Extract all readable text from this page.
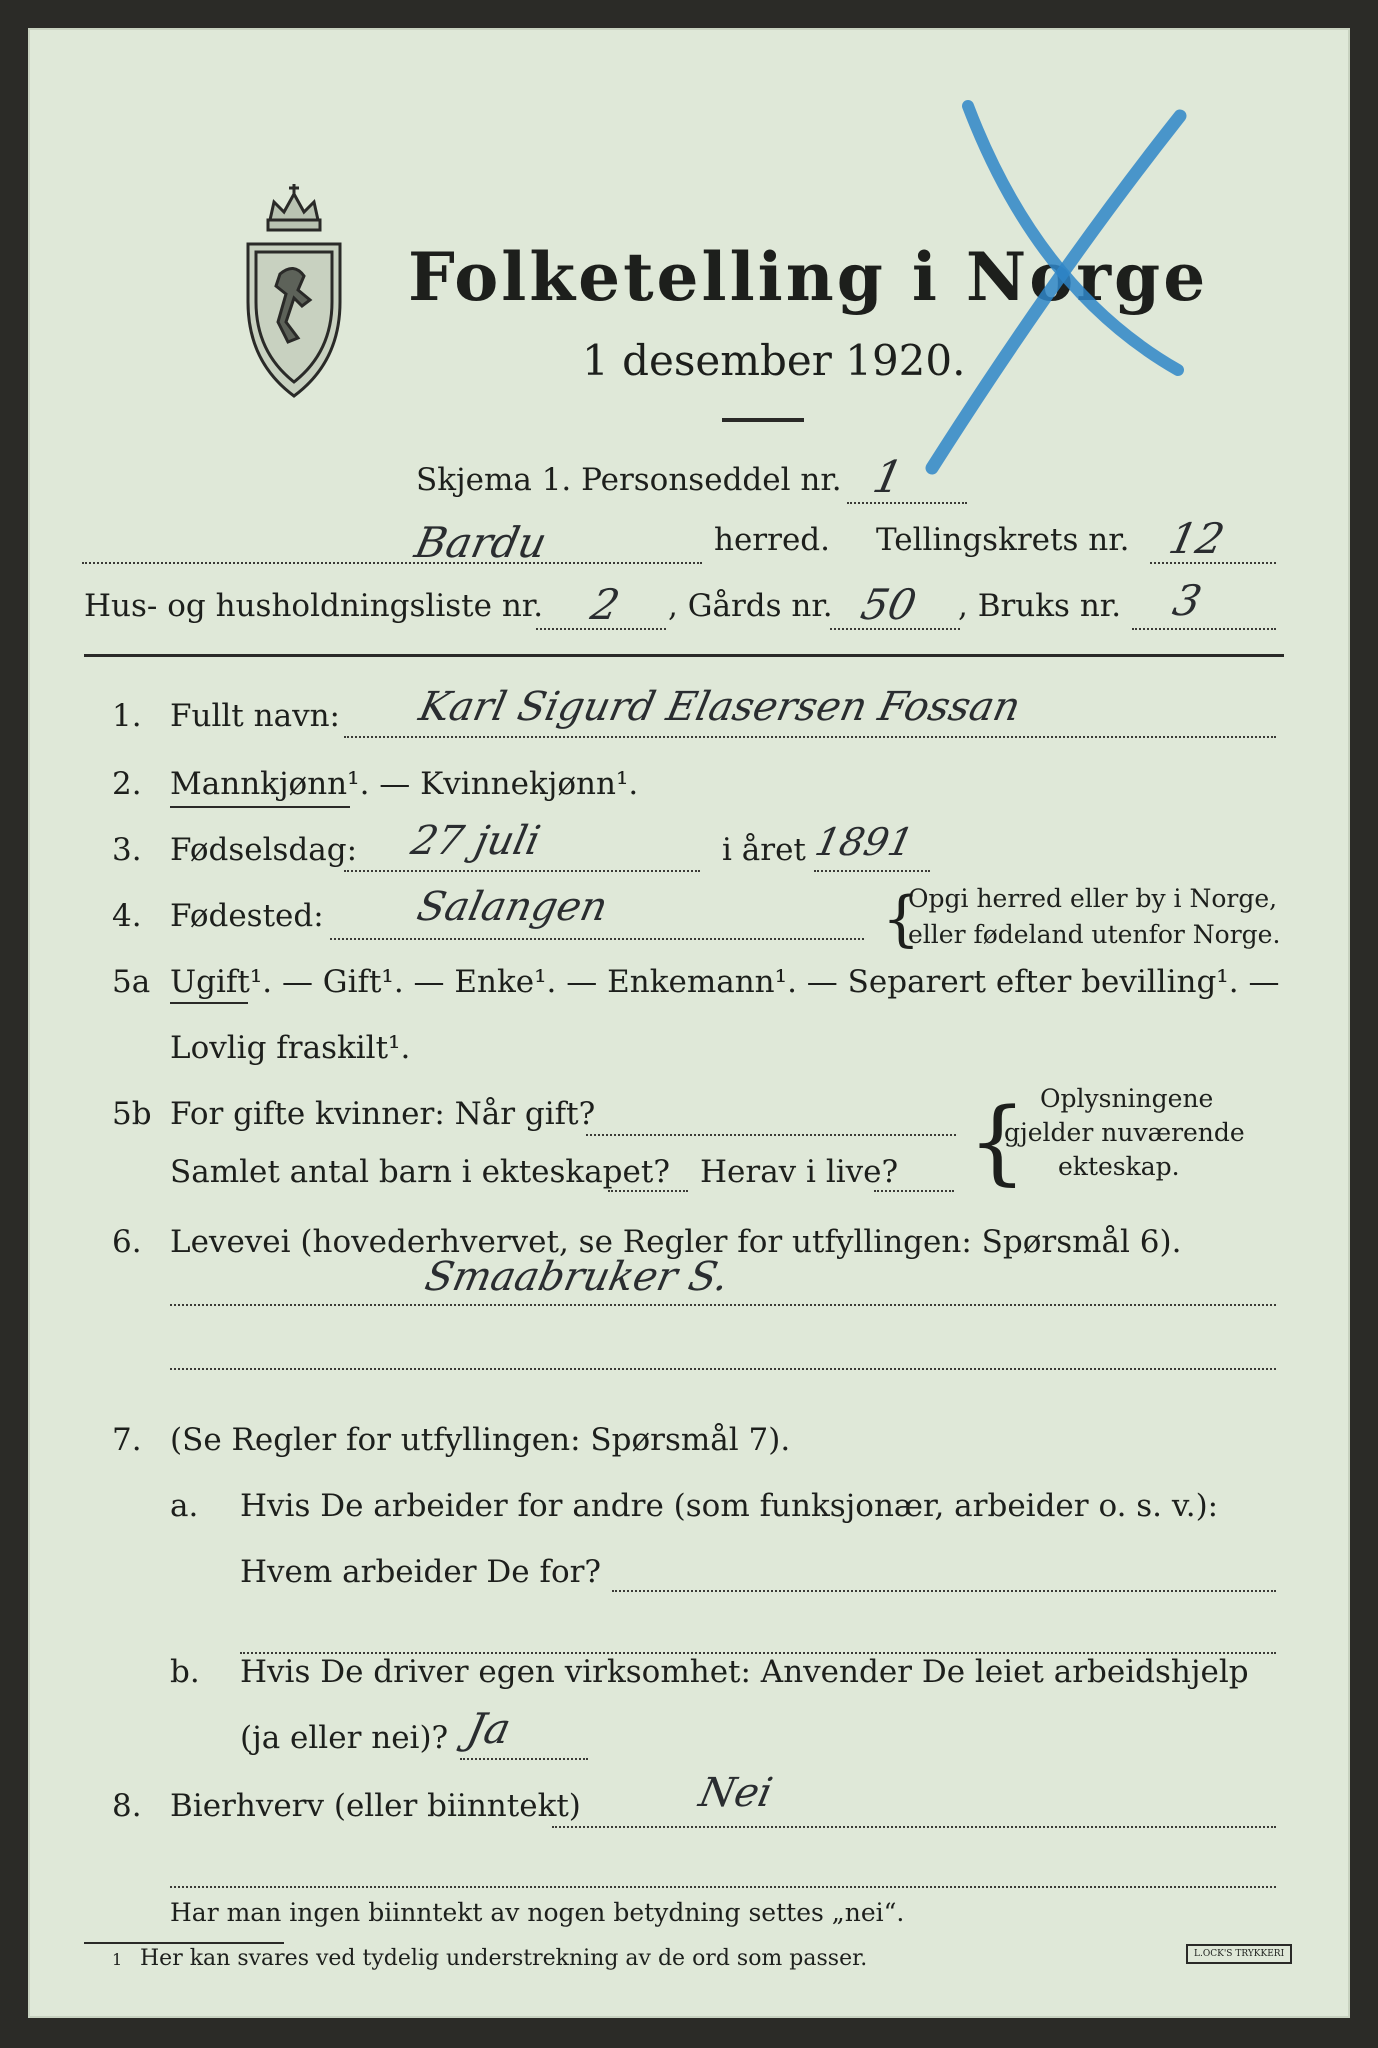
Folketelling i Norge
1 desember 1920.
Skjema 1. Personseddel nr. 1
Bardu	herred. Tellingskrets nr. 12
Hus- og husholdningsliste nr. 2 , Gårds nr. 50 , Bruks nr. 3
1. Fullt navn: Karl Sigurd Elasersen Fossan
2. Mannkjønn¹. — Kvinnekjønn¹.
3. Fødselsdag: 27 juli	i året 1891
4. Fødested: Salangen	{
Opgi herred eller by i Norge,
eller fødeland utenfor Norge.
5a Ugift¹. — Gift¹. — Enke¹. — Enkemann¹. — Separert efter bevilling¹. —
Lovlig fraskilt¹.
5b For gifte kvinner: Når gift?
Samlet antal barn i ekteskapet? Herav i live? { Oplysningene
gjelder nuværende
ekteskap.
6. Levevei (hovederhvervet, se Regler for utfyllingen: Spørsmål 6).
Smaabruker S.
7. (Se Regler for utfyllingen: Spørsmål 7).
a. Hvis De arbeider for andre (som funksjonær, arbeider o. s. v.):
Hvem arbeider De for?
b. Hvis De driver egen virksomhet: Anvender De leiet arbeidshjelp
(ja eller nei)? Ja
8. Bierhverv (eller biinntekt)	Nei
Har man ingen biinntekt av nogen betydning settes „nei“.
1 Her kan svares ved tydelig understrekning av de ord som passer.	L.OCK'S TRYKKERI
